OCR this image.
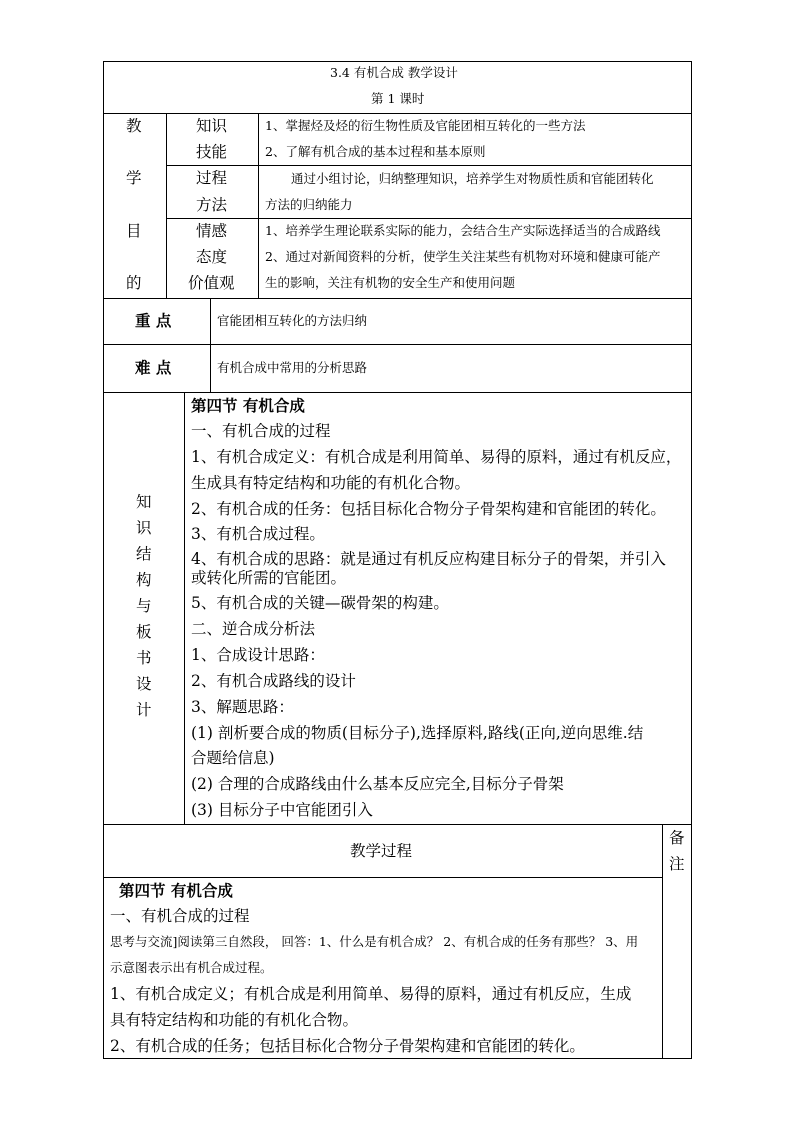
3.4 有机合成 教学设计
第 1 课时
教
学
目
的
知识
技能
1、掌握烃及烃的衍生物性质及官能团相互转化的一些方法
2、了解有机合成的基本过程和基本原则
过程
方法
通过小组讨论，归纳整理知识，培养学生对物质性质和官能团转化
方法的归纳能力
情感
态度
价值观
1、培养学生理论联系实际的能力，会结合生产实际选择适当的合成路线
2、通过对新闻资料的分析，使学生关注某些有机物对环境和健康可能产
生的影响，关注有机物的安全生产和使用问题
重 点	官能团相互转化的方法归纳
难 点	有机合成中常用的分析思路
知
识
结
构
与
板
书
设
计
第四节 有机合成
一、有机合成的过程
1、有机合成定义：有机合成是利用简单、易得的原料，通过有机反应，
生成具有特定结构和功能的有机化合物。
2、有机合成的任务：包括目标化合物分子骨架构建和官能团的转化。
3、有机合成过程。
4、有机合成的思路：就是通过有机反应构建目标分子的骨架，并引入
或转化所需的官能团。
5、有机合成的关键—碳骨架的构建。
二、逆合成分析法
1、合成设计思路：
2、有机合成路线的设计
3、解题思路：
(1) 剖析要合成的物质(目标分子),选择原料,路线(正向,逆向思维.结
合题给信息)
(2) 合理的合成路线由什么基本反应完全,目标分子骨架
(3) 目标分子中官能团引入
教学过程
备
注
第四节 有机合成
一、有机合成的过程
思考与交流]阅读第三自然段， 回答：1、什么是有机合成？ 2、有机合成的任务有那些？ 3、用
示意图表示出有机合成过程。
1、有机合成定义；有机合成是利用简单、易得的原料，通过有机反应，生成
具有特定结构和功能的有机化合物。
2、有机合成的任务；包括目标化合物分子骨架构建和官能团的转化。
